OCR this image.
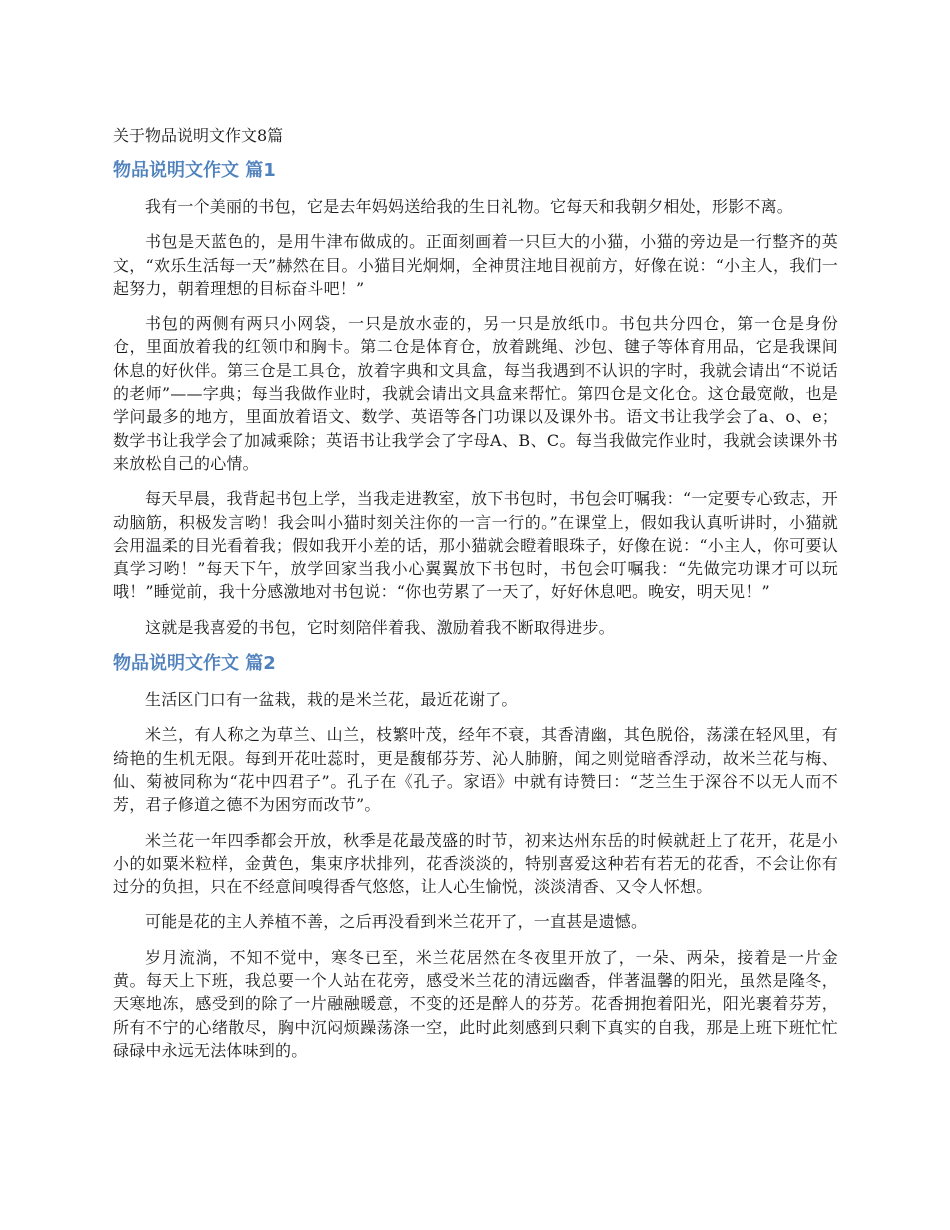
关于物品说明文作文8篇
物品说明文作文 篇1

我有一个美丽的书包，它是去年妈妈送给我的生日礼物。它每天和我朝夕相处，形影不离。

书包是天蓝色的，是用牛津布做成的。正面刻画着一只巨大的小猫，小猫的旁边是一行整齐的英文，“欢乐生活每一天”赫然在目。小猫目光炯炯，全神贯注地目视前方，好像在说：“小主人，我们一起努力，朝着理想的目标奋斗吧！”

书包的两侧有两只小网袋，一只是放水壶的，另一只是放纸巾。书包共分四仓，第一仓是身份仓，里面放着我的红领巾和胸卡。第二仓是体育仓，放着跳绳、沙包、毽子等体育用品，它是我课间休息的好伙伴。第三仓是工具仓，放着字典和文具盒，每当我遇到不认识的字时，我就会请出“不说话的老师”——字典；每当我做作业时，我就会请出文具盒来帮忙。第四仓是文化仓。这仓最宽敞，也是学问最多的地方，里面放着语文、数学、英语等各门功课以及课外书。语文书让我学会了a、o、e；数学书让我学会了加减乘除；英语书让我学会了字母A、B、C。每当我做完作业时，我就会读课外书来放松自己的心情。

每天早晨，我背起书包上学，当我走进教室，放下书包时，书包会叮嘱我：“一定要专心致志，开动脑筋，积极发言哟！我会叫小猫时刻关注你的一言一行的。”在课堂上，假如我认真听讲时，小猫就会用温柔的目光看着我；假如我开小差的话，那小猫就会瞪着眼珠子，好像在说：“小主人，你可要认真学习哟！”每天下午，放学回家当我小心翼翼放下书包时，书包会叮嘱我：“先做完功课才可以玩哦！”睡觉前，我十分感激地对书包说：“你也劳累了一天了，好好休息吧。晚安，明天见！”

这就是我喜爱的书包，它时刻陪伴着我、激励着我不断取得进步。

物品说明文作文 篇2

生活区门口有一盆栽，栽的是米兰花，最近花谢了。

米兰，有人称之为草兰、山兰，枝繁叶茂，经年不衰，其香清幽，其色脱俗，荡漾在轻风里，有绮艳的生机无限。每到开花吐蕊时，更是馥郁芬芳、沁人肺腑，闻之则觉暗香浮动，故米兰花与梅、仙、菊被同称为“花中四君子”。孔子在《孔子。家语》中就有诗赞曰：“芝兰生于深谷不以无人而不芳，君子修道之德不为困穷而改节”。

米兰花一年四季都会开放，秋季是花最茂盛的时节，初来达州东岳的时候就赶上了花开，花是小小的如粟米粒样，金黄色，集束序状排列，花香淡淡的，特别喜爱这种若有若无的花香，不会让你有过分的负担，只在不经意间嗅得香气悠悠，让人心生愉悦，淡淡清香、又令人怀想。

可能是花的主人养植不善，之后再没看到米兰花开了，一直甚是遗憾。

岁月流淌，不知不觉中，寒冬已至，米兰花居然在冬夜里开放了，一朵、两朵，接着是一片金黄。每天上下班，我总要一个人站在花旁，感受米兰花的清远幽香，伴著温馨的阳光，虽然是隆冬，天寒地冻，感受到的除了一片融融暖意，不变的还是醉人的芬芳。花香拥抱着阳光，阳光裹着芬芳，所有不宁的心绪散尽，胸中沉闷烦躁荡涤一空，此时此刻感到只剩下真实的自我，那是上班下班忙忙碌碌中永远无法体味到的。
